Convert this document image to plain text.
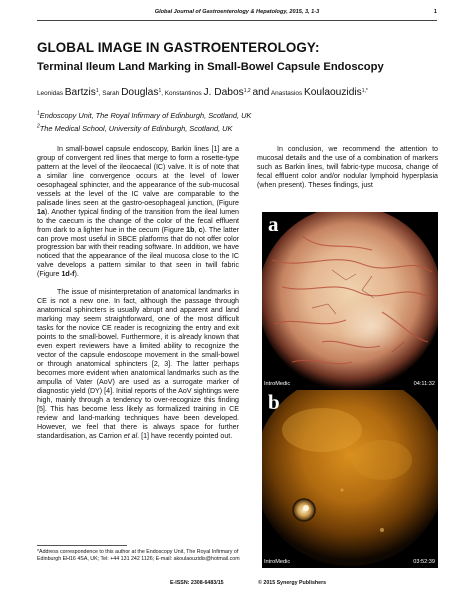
Global Journal of Gastroenterology & Hepatology, 2015, 3, 1-3	1
GLOBAL IMAGE IN GASTROENTEROLOGY:
Terminal Ileum Land Marking in Small-Bowel Capsule Endoscopy
Leonidas Bartzis$^1$, Sarah Douglas$^1$, Konstantinos J. Dabos$^{1,2}$ and Anastasios Koulaouzidis$^{1,*}$
$^1$Endoscopy Unit, The Royal Infirmary of Edinburgh, Scotland, UK
$^2$The Medical School, University of Edinburgh, Scotland, UK

In small-bowel capsule endoscopy, Barkin lines [1] are a group of convergent red lines that merge to form a rosette-type pattern at the level of the ileocaecal (IC) valve. It is of note that a similar line convergence occurs at the level of lower oesophageal sphincter, and the appearance of the sub-mucosal vessels at the level of the IC valve are comparable to the palisade lines seen at the gastro-oesophageal junction, (Figure 1a). Another typical finding of the transition from the ileal lumen to the caecum is the change of the color of the fecal effluent from dark to a lighter hue in the cecum (Figure 1b, c). The latter can prove most useful in SBCE platforms that do not offer color progression bar with their reading software. In addition, we have noticed that the appearance of the ileal mucosa close to the IC valve develops a pattern similar to that seen in twill fabric (Figure 1d-f).

The issue of misinterpretation of anatomical landmarks in CE is not a new one. In fact, although the passage through anatomical sphincters is usually abrupt and apparent and land marking may seem straightforward, one of the most difficult tasks for the novice CE reader is recognizing the entry and exit points to the small-bowel. Furthermore, it is already known that even expert reviewers have a limited ability to recognize the vector of the capsule endoscope movement in the small-bowel or through anatomical sphincters [2, 3]. The latter perhaps becomes more evident when anatomical landmarks such as the ampulla of Vater (AoV) are used as a surrogate marker of diagnostic yield (DY) [4]. Initial reports of the AoV sightings were high, mainly through a tendency to over-recognize this finding [5]. This has become less likely as formalized training in CE review and land-marking techniques have been developed. However, we feel that there is always space for further standardisation, as Carrion et al. [1] have recently pointed out.

In conclusion, we recommend the attention to mucosal details and the use of a combination of markers such as Barkin lines, twill fabric-type mucosa, change of fecal effluent color and/or nodular lymphoid hyperplasia (when present). Theses findings, just

a
IntroMedic	04:11:32
b
IntroMedic	03:52:39
*Address correspondence to this author at the Endoscopy Unit, The Royal Infirmary of Edinburgh EH16 4SA, UK; Tel: +44 131 242 1126; E-mail: akoulaouzidis@hotmail.com
E-ISSN: 2308-6483/15	© 2015 Synergy Publishers
